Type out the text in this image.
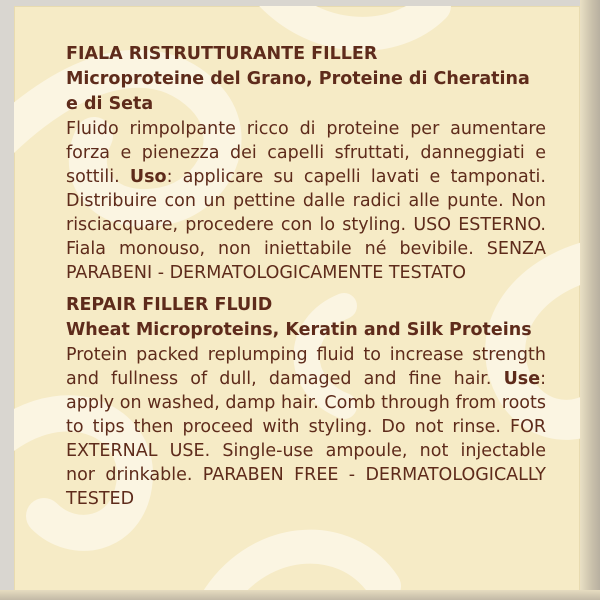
FIALA RISTRUTTURANTE FILLER

Microproteine del Grano, Proteine di Cheratina e di Seta

Fluido rimpolpante ricco di proteine per aumentare forza e pienezza dei capelli sfruttati, danneggiati e sottili. Uso: applicare su capelli lavati e tamponati. Distribuire con un pettine dalle radici alle punte. Non risciacquare, procedere con lo styling. USO ESTERNO. Fiala monouso, non iniettabile né bevibile. SENZA PARABENI - DERMATOLOGICAMENTE TESTATO

REPAIR FILLER FLUID

Wheat Microproteins, Keratin and Silk Proteins

Protein packed replumping fluid to increase strength and fullness of dull, damaged and fine hair. Use: apply on washed, damp hair. Comb through from roots to tips then proceed with styling. Do not rinse. FOR EXTERNAL USE. Single-use ampoule, not injectable nor drinkable. PARABEN FREE - DERMATOLOGICALLY TESTED
